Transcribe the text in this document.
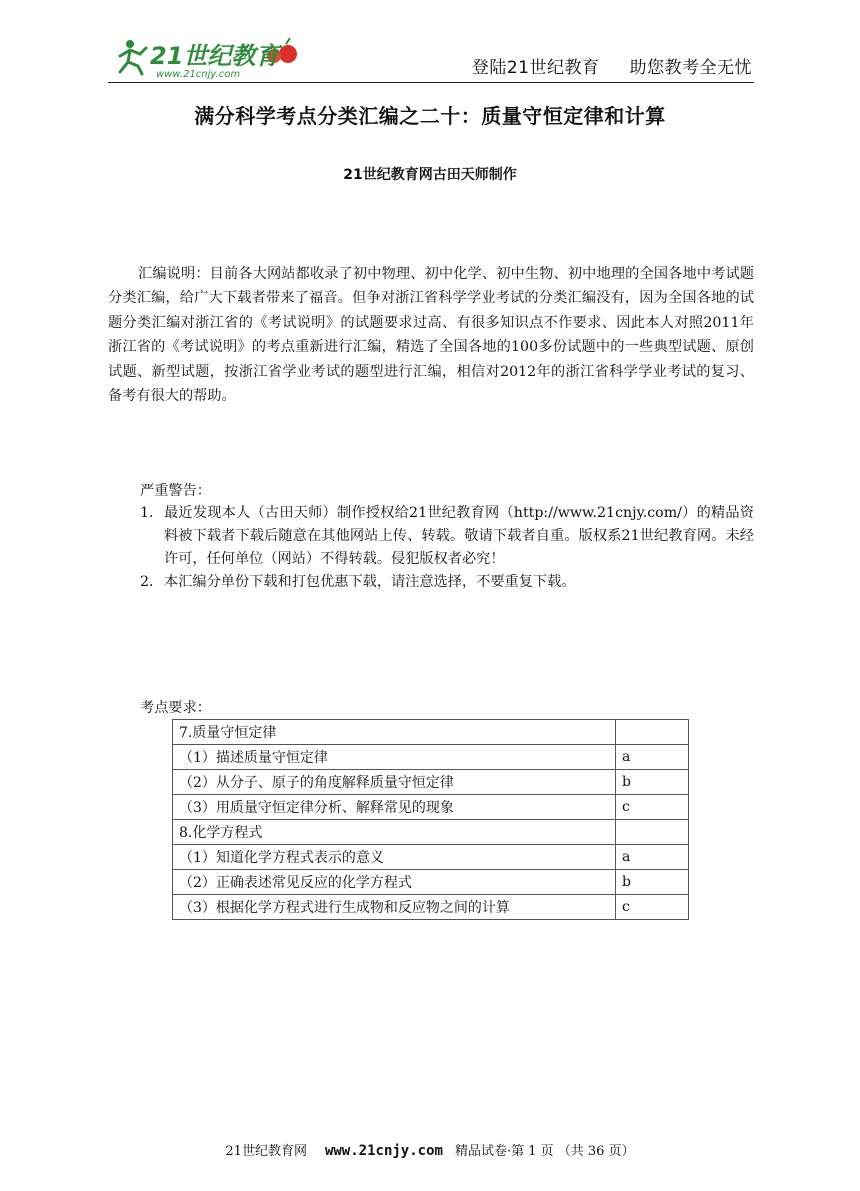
21世纪教育
www.21cnjy.com	登陆21世纪教育 助您教考全无忧
满分科学考点分类汇编之二十：质量守恒定律和计算
21世纪教育网古田天师制作

汇编说明：目前各大网站都收录了初中物理、初中化学、初中生物、初中地理的全国各地中考试题分类汇编，给广大下载者带来了福音。但争对浙江省科学学业考试的分类汇编没有，因为全国各地的试题分类汇编对浙江省的《考试说明》的试题要求过高、有很多知识点不作要求、因此本人对照2011年浙江省的《考试说明》的考点重新进行汇编，精选了全国各地的100多份试题中的一些典型试题、原创试题、新型试题，按浙江省学业考试的题型进行汇编，相信对2012年的浙江省科学学业考试的复习、备考有很大的帮助。

严重警告：
1． 最近发现本人（古田天师）制作授权给21世纪教育网（http://www.21cnjy.com/）的精品资料被下载者下载后随意在其他网站上传、转载。敬请下载者自重。版权系21世纪教育网。未经许可，任何单位（网站）不得转载。侵犯版权者必究！
2． 本汇编分单份下载和打包优惠下载，请注意选择，不要重复下载。
考点要求：
7.质量守恒定律	
（1）描述质量守恒定律	a
（2）从分子、原子的角度解释质量守恒定律	b
（3）用质量守恒定律分析、解释常见的现象	c
8.化学方程式	
（1）知道化学方程式表示的意义	a
（2）正确表述常见反应的化学方程式	b
（3）根据化学方程式进行生成物和反应物之间的计算	c
21世纪教育网 www.21cnjy.com 精品试卷·第 1 页 （共 36 页）
